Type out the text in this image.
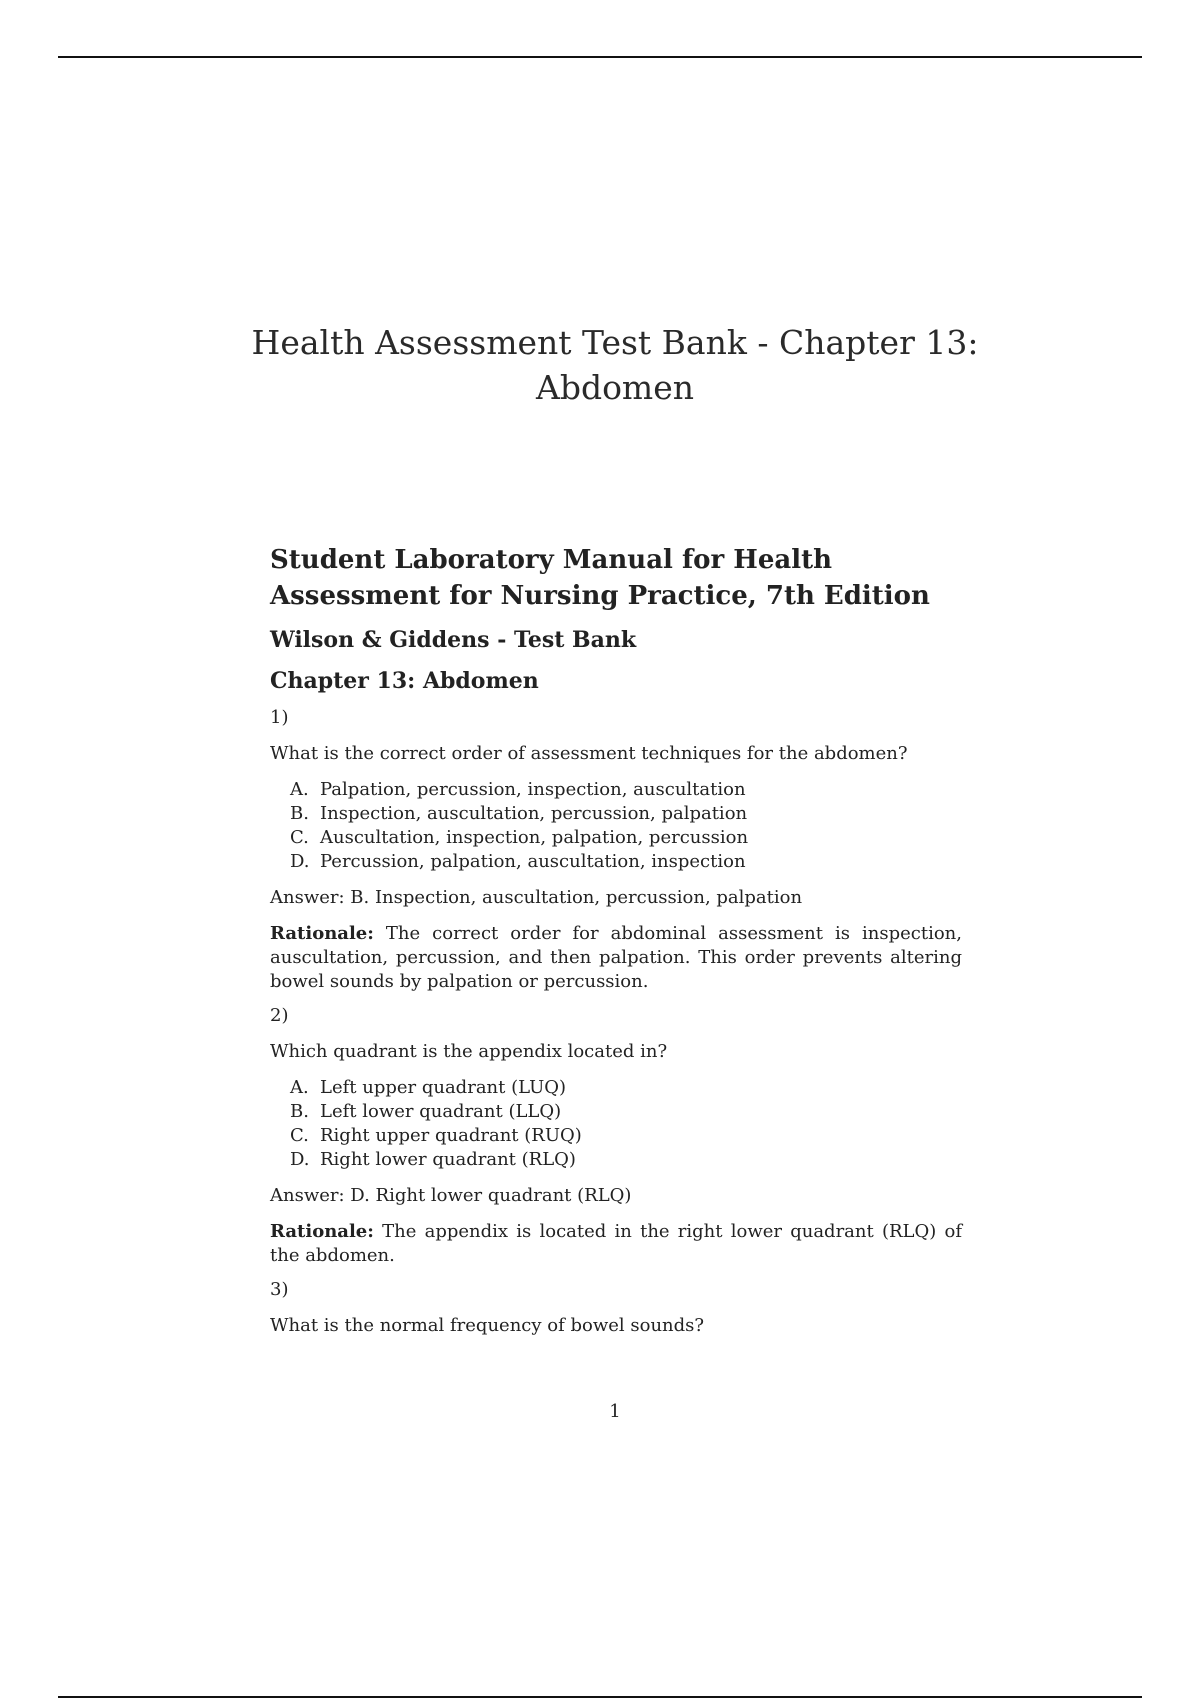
Health Assessment Test Bank - Chapter 13: Abdomen
Student Laboratory Manual for Health Assessment for Nursing Practice, 7th Edition
Wilson & Giddens - Test Bank
Chapter 13: Abdomen

1)

What is the correct order of assessment techniques for the abdomen?

A. Palpation, percussion, inspection, auscultation
B. Inspection, auscultation, percussion, palpation
C. Auscultation, inspection, palpation, percussion
D. Percussion, palpation, auscultation, inspection

Answer: B. Inspection, auscultation, percussion, palpation

Rationale: The correct order for abdominal assessment is inspection, auscultation, percussion, and then palpation. This order prevents altering bowel sounds by palpation or percussion.

2)

Which quadrant is the appendix located in?

A. Left upper quadrant (LUQ)
B. Left lower quadrant (LLQ)
C. Right upper quadrant (RUQ)
D. Right lower quadrant (RLQ)

Answer: D. Right lower quadrant (RLQ)

Rationale: The appendix is located in the right lower quadrant (RLQ) of the abdomen.

3)

What is the normal frequency of bowel sounds?

1
